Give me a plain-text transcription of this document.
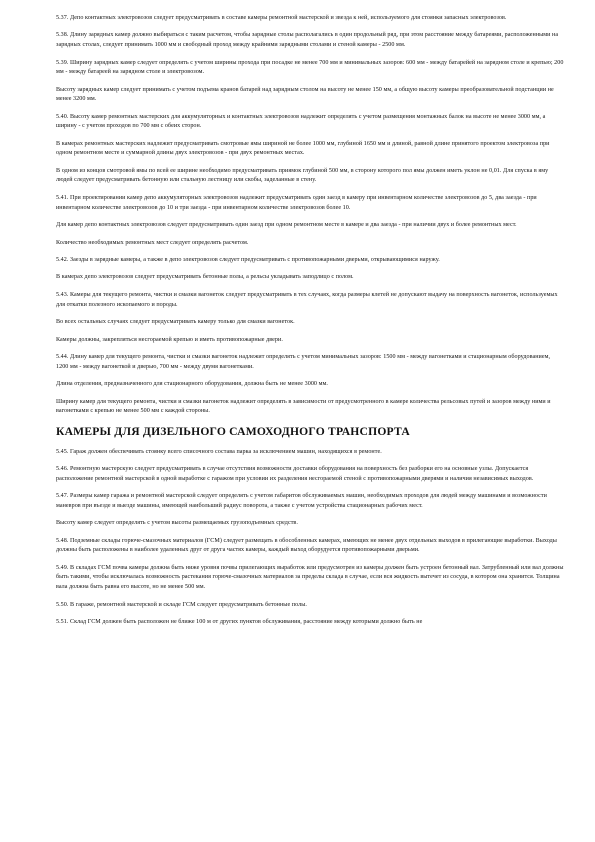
5.37. Депо контактных электровозов следует предусматривать в составе камеры ремонтной мастерской и звезда к ней, используемого для стоянки запасных электровозов.

5.38. Длину зарядных камер должно выбираться с таким расчетом, чтобы зарядные столы располагались в один продольный ряд, при этом расстояние между батареями, расположенными на зарядных столах, следует принимать 1000 мм и свободный проход между крайними зарядными столами и стеной камеры - 2500 мм.

5.39. Ширину зарядных камер следует определять с учетом ширины прохода при посадке не менее 700 мм и минимальных зазоров: 600 мм - между батарейей на зарядном столе и крепью; 200 мм - между батареей на зарядном столе и электровозом.

Высоту зарядных камер следует принимать с учетом подъема кранов батарей над зарядным столом на высоту не менее 150 мм, а общую высоту камеры преобразовательной подстанции не менее 3200 мм.

5.40. Высоту камер ремонтных мастерских для аккумуляторных и контактных электровозов надлежит определять с учетом размещения монтажных балок на высоте не менее 3000 мм, а ширину - с учетом проходов по 700 мм с обеих сторон.

В камерах ремонтных мастерских надлежит предусматривать смотровые ямы шириной не более 1000 мм, глубиной 1650 мм и длиной, равной длине принятого проектом электровоза при одном ремонтном месте и суммарной длины двух электровозов - при двух ремонтных местах.

В одном из концов смотровой ямы по всей ее ширине необходимо предусматривать приямок глубиной 500 мм, в сторону которого пол ямы должен иметь уклон не 0,01. Для спуска в яму людей следует предусматривать бетонную или стальную лестницу или скобы, заделанные в стену.

5.41. При проектировании камер депо аккумуляторных электровозов надлежит предусматривать один заезд в камеру при инвентарном количестве электровозов до 5, два заезда - при инвентарном количестве электровозов до 10 и три заезда - при инвентарном количестве электровозов более 10.

Для камер депо контактных электровозов следует предусматривать один заезд при одном ремонтном месте в камере и два заезда - при наличии двух и более ремонтных мест.

Количество необходимых ремонтных мест следует определять расчетом.

5.42. Заезды в зарядные камеры, а также в депо электровозов следует предусматривать с противопожарными дверьми, открывающимися наружу.

В камерах депо электровозов следует предусматривать бетонные полы, а рельсы укладывать заподлицо с полом.

5.43. Камеры для текущего ремонта, чистки и смазки вагонеток следует предусматривать в тех случаях, когда размеры клетей не допускают выдачу на поверхность вагонеток, используемых для откатки полезного ископаемого и породы.

Во всех остальных случаях следует предусматривать камеру только для смазки вагонеток.

Камеры должны, закрепляться несгораемой крепью и иметь противопожарные двери.

5.44. Длину камер для текущего ремонта, чистки и смазки вагонеток надлежит определять с учетом минимальных зазоров: 1500 мм - между вагонетками и стационарным оборудованием, 1200 мм - между вагонеткой и дверью, 700 мм - между двумя вагонетками.

Длина отделения, предназначенного для стационарного оборудования, должна быть не менее 3000 мм.

Ширину камер для текущего ремонта, чистки и смазки вагонеток надлежит определять в зависимости от предусмотренного в камере количества рельсовых путей и зазоров между ними и вагонетками с крепью не менее 500 мм с каждой стороны.

КАМЕРЫ ДЛЯ ДИЗЕЛЬНОГО САМОХОДНОГО ТРАНСПОРТА

5.45. Гараж должен обеспечивать стоянку всего списочного состава парка за исключением машин, находящихся в ремонте.

5.46. Ремонтную мастерскую следует предусматривать в случае отсутствия возможности доставки оборудования на поверхность без разборки его на основные узлы. Допускается расположение ремонтной мастерской в одной выработке с гаражом при условии их разделения несгораемой стеной с противопожарными дверями и наличия независимых выходов.

5.47. Размеры камер гаража и ремонтной мастерской следует определять с учетом габаритов обслуживаемых машин, необходимых проходов для людей между машинами и возможности маневров при въезде и выезде машины, имеющей наибольший радиус поворота, а также с учетом устройства стационарных рабочих мест.

Высоту камер следует определять с учетом высоты размещаемых грузоподъемных средств.

5.48. Подземные склады горюче-смазочных материалов (ГСМ) следует размещать в обособленных камерах, имеющих не менее двух отдельных выходов в прилегающие выработки. Выходы должны быть расположены в наиболее удаленных друг от друга частях камеры, каждый выход оборудуется противопожарными дверьми.

5.49. В складах ГСМ почва камеры должна быть ниже уровня почвы прилегающих выработок или предусмотрен из камеры должен быть устроен бетонный вал. Затрубленный или вал должны быть такими, чтобы исключалась возможность растекания горюче-смазочных материалов за пределы склада в случае, если вся жидкость вытечет из сосуда, в котором она хранится. Толщина вала должна быть равна его высоте, но не менее 500 мм.

5.50. В гараже, ремонтной мастерской и складе ГСМ следует предусматривать бетонные полы.

5.51. Склад ГСМ должен быть расположен не ближе 100 м от других пунктов обслуживания, расстояние между которыми должно быть не
